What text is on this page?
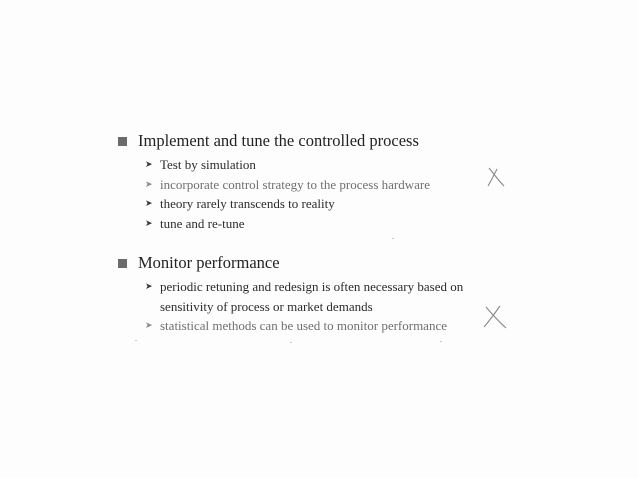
Implement and tune the controlled process
➤ Test by simulation
➤ incorporate control strategy to the process hardware
➤ theory rarely transcends to reality
➤ tune and re-tune
Monitor performance
➤ periodic retuning and redesign is often necessary based on
sensitivity of process or market demands
➤ statistical methods can be used to monitor performance
